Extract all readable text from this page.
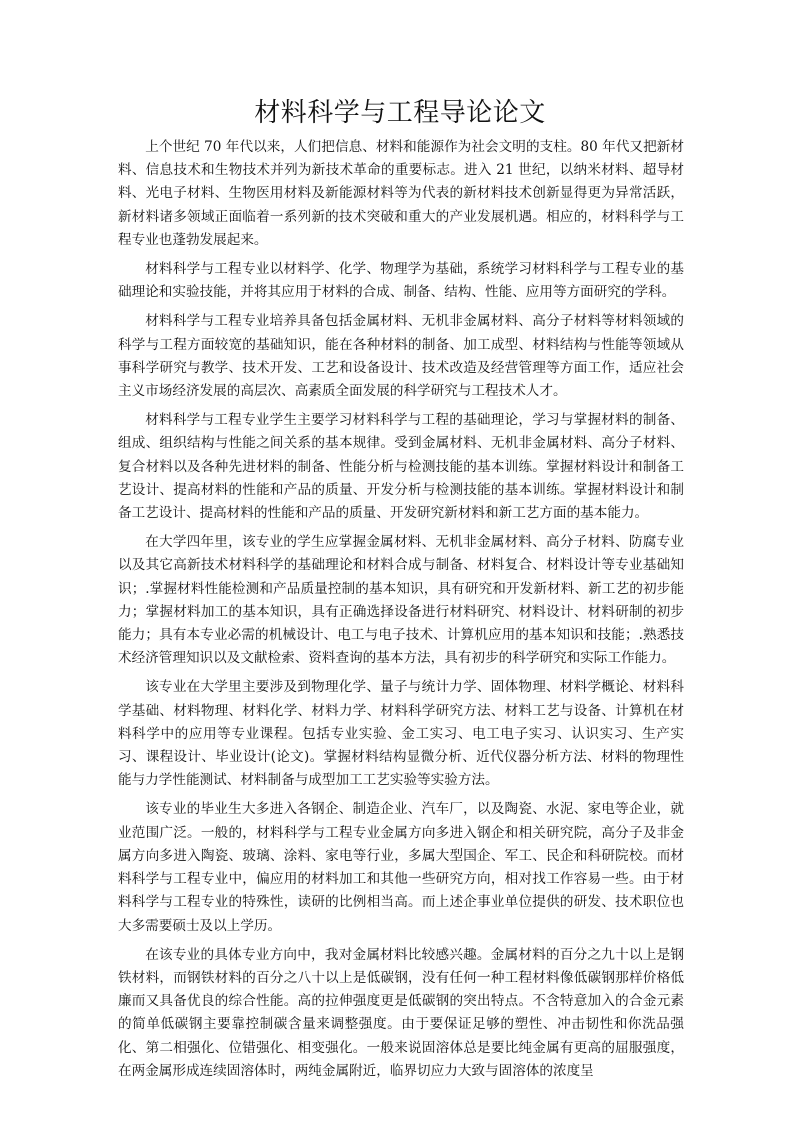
材料科学与工程导论论文

上个世纪 70 年代以来，人们把信息、材料和能源作为社会文明的支柱。80 年代又把新材料、信息技术和生物技术并列为新技术革命的重要标志。进入 21 世纪，以纳米材料、超导材料、光电子材料、生物医用材料及新能源材料等为代表的新材料技术创新显得更为异常活跃，新材料诸多领域正面临着一系列新的技术突破和重大的产业发展机遇。相应的，材料科学与工程专业也蓬勃发展起来。

材料科学与工程专业以材料学、化学、物理学为基础，系统学习材料科学与工程专业的基础理论和实验技能，并将其应用于材料的合成、制备、结构、性能、应用等方面研究的学科。

材料科学与工程专业培养具备包括金属材料、无机非金属材料、高分子材料等材料领域的科学与工程方面较宽的基础知识，能在各种材料的制备、加工成型、材料结构与性能等领域从事科学研究与教学、技术开发、工艺和设备设计、技术改造及经营管理等方面工作，适应社会主义市场经济发展的高层次、高素质全面发展的科学研究与工程技术人才。

材料科学与工程专业学生主要学习材料科学与工程的基础理论，学习与掌握材料的制备、组成、组织结构与性能之间关系的基本规律。受到金属材料、无机非金属材料、高分子材料、复合材料以及各种先进材料的制备、性能分析与检测技能的基本训练。掌握材料设计和制备工艺设计、提高材料的性能和产品的质量、开发分析与检测技能的基本训练。掌握材料设计和制备工艺设计、提高材料的性能和产品的质量、开发研究新材料和新工艺方面的基本能力。

在大学四年里，该专业的学生应掌握金属材料、无机非金属材料、高分子材料、防腐专业以及其它高新技术材料科学的基础理论和材料合成与制备、材料复合、材料设计等专业基础知识；.掌握材料性能检测和产品质量控制的基本知识，具有研究和开发新材料、新工艺的初步能力；掌握材料加工的基本知识，具有正确选择设备进行材料研究、材料设计、材料研制的初步能力；具有本专业必需的机械设计、电工与电子技术、计算机应用的基本知识和技能；.熟悉技术经济管理知识以及文献检索、资料查询的基本方法，具有初步的科学研究和实际工作能力。

该专业在大学里主要涉及到物理化学、量子与统计力学、固体物理、材料学概论、材料科学基础、材料物理、材料化学、材料力学、材料科学研究方法、材料工艺与设备、计算机在材料科学中的应用等专业课程。包括专业实验、金工实习、电工电子实习、认识实习、生产实习、课程设计、毕业设计(论文)。掌握材料结构显微分析、近代仪器分析方法、材料的物理性能与力学性能测试、材料制备与成型加工工艺实验等实验方法。

该专业的毕业生大多进入各钢企、制造企业、汽车厂，以及陶瓷、水泥、家电等企业，就业范围广泛。一般的，材料科学与工程专业金属方向多进入钢企和相关研究院，高分子及非金属方向多进入陶瓷、玻璃、涂料、家电等行业，多属大型国企、军工、民企和科研院校。而材料科学与工程专业中，偏应用的材料加工和其他一些研究方向，相对找工作容易一些。由于材料科学与工程专业的特殊性，读研的比例相当高。而上述企事业单位提供的研发、技术职位也大多需要硕士及以上学历。

在该专业的具体专业方向中，我对金属材料比较感兴趣。金属材料的百分之九十以上是钢铁材料，而钢铁材料的百分之八十以上是低碳钢，没有任何一种工程材料像低碳钢那样价格低廉而又具备优良的综合性能。高的拉伸强度更是低碳钢的突出特点。不含特意加入的合金元素的简单低碳钢主要靠控制碳含量来调整强度。由于要保证足够的塑性、冲击韧性和你洗品强化、第二相强化、位错强化、相变强化。一般来说固溶体总是要比纯金属有更高的屈服强度，在两金属形成连续固溶体时，两纯金属附近，临界切应力大致与固溶体的浓度呈
